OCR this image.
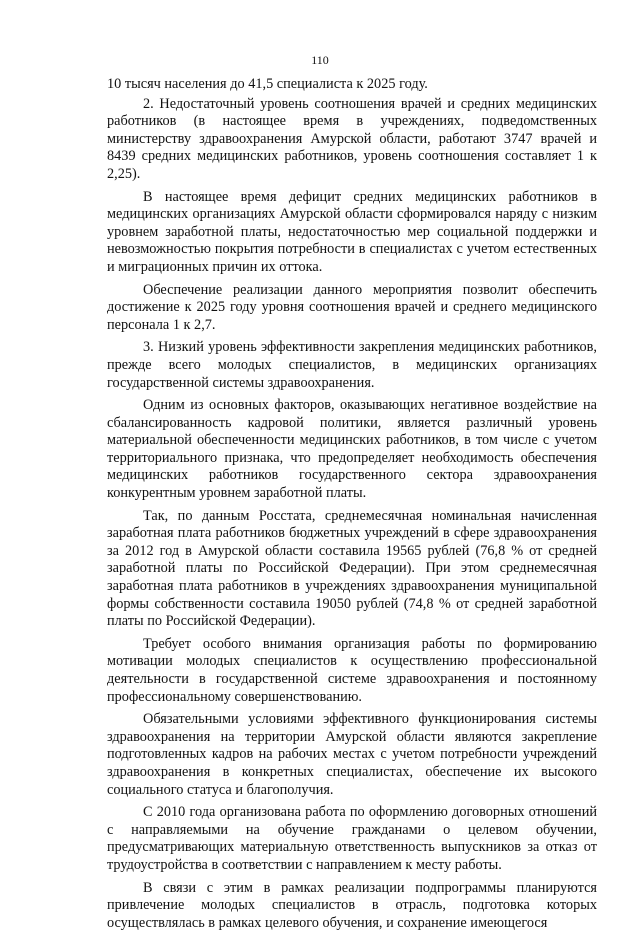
110

10 тысяч населения до 41,5 специалиста к 2025 году.

2. Недостаточный уровень соотношения врачей и средних медицинских работников (в настоящее время в учреждениях, подведомственных министерству здравоохранения Амурской области, работают 3747 врачей и 8439 средних медицинских работников, уровень соотношения составляет 1 к 2,25).

В настоящее время дефицит средних медицинских работников в медицинских организациях Амурской области сформировался наряду с низким уровнем заработной платы, недостаточностью мер социальной поддержки и невозможностью покрытия потребности в специалистах с учетом естественных и миграционных причин их оттока.

Обеспечение реализации данного мероприятия позволит обеспечить достижение к 2025 году уровня соотношения врачей и среднего медицинского персонала 1 к 2,7.

3. Низкий уровень эффективности закрепления медицинских работников, прежде всего молодых специалистов, в медицинских организациях государственной системы здравоохранения.

Одним из основных факторов, оказывающих негативное воздействие на сбалансированность кадровой политики, является различный уровень материальной обеспеченности медицинских работников, в том числе с учетом территориального признака, что предопределяет необходимость обеспечения медицинских работников государственного сектора здравоохранения конкурентным уровнем заработной платы.

Так, по данным Росстата, среднемесячная номинальная начисленная заработная плата работников бюджетных учреждений в сфере здравоохранения за 2012 год в Амурской области составила 19565 рублей (76,8 % от средней заработной платы по Российской Федерации). При этом среднемесячная заработная плата работников в учреждениях здравоохранения муниципальной формы собственности составила 19050 рублей (74,8 % от средней заработной платы по Российской Федерации).

Требует особого внимания организация работы по формированию мотивации молодых специалистов к осуществлению профессиональной деятельности в государственной системе здравоохранения и постоянному профессиональному совершенствованию.

Обязательными условиями эффективного функционирования системы здравоохранения на территории Амурской области являются закрепление подготовленных кадров на рабочих местах с учетом потребности учреждений здравоохранения в конкретных специалистах, обеспечение их высокого социального статуса и благополучия.

С 2010 года организована работа по оформлению договорных отношений с направляемыми на обучение гражданами о целевом обучении, предусматривающих материальную ответственность выпускников за отказ от трудоустройства в соответствии с направлением к месту работы.

В связи с этим в рамках реализации подпрограммы планируются привлечение молодых специалистов в отрасль, подготовка которых осуществлялась в рамках целевого обучения, и сохранение имеющегося
